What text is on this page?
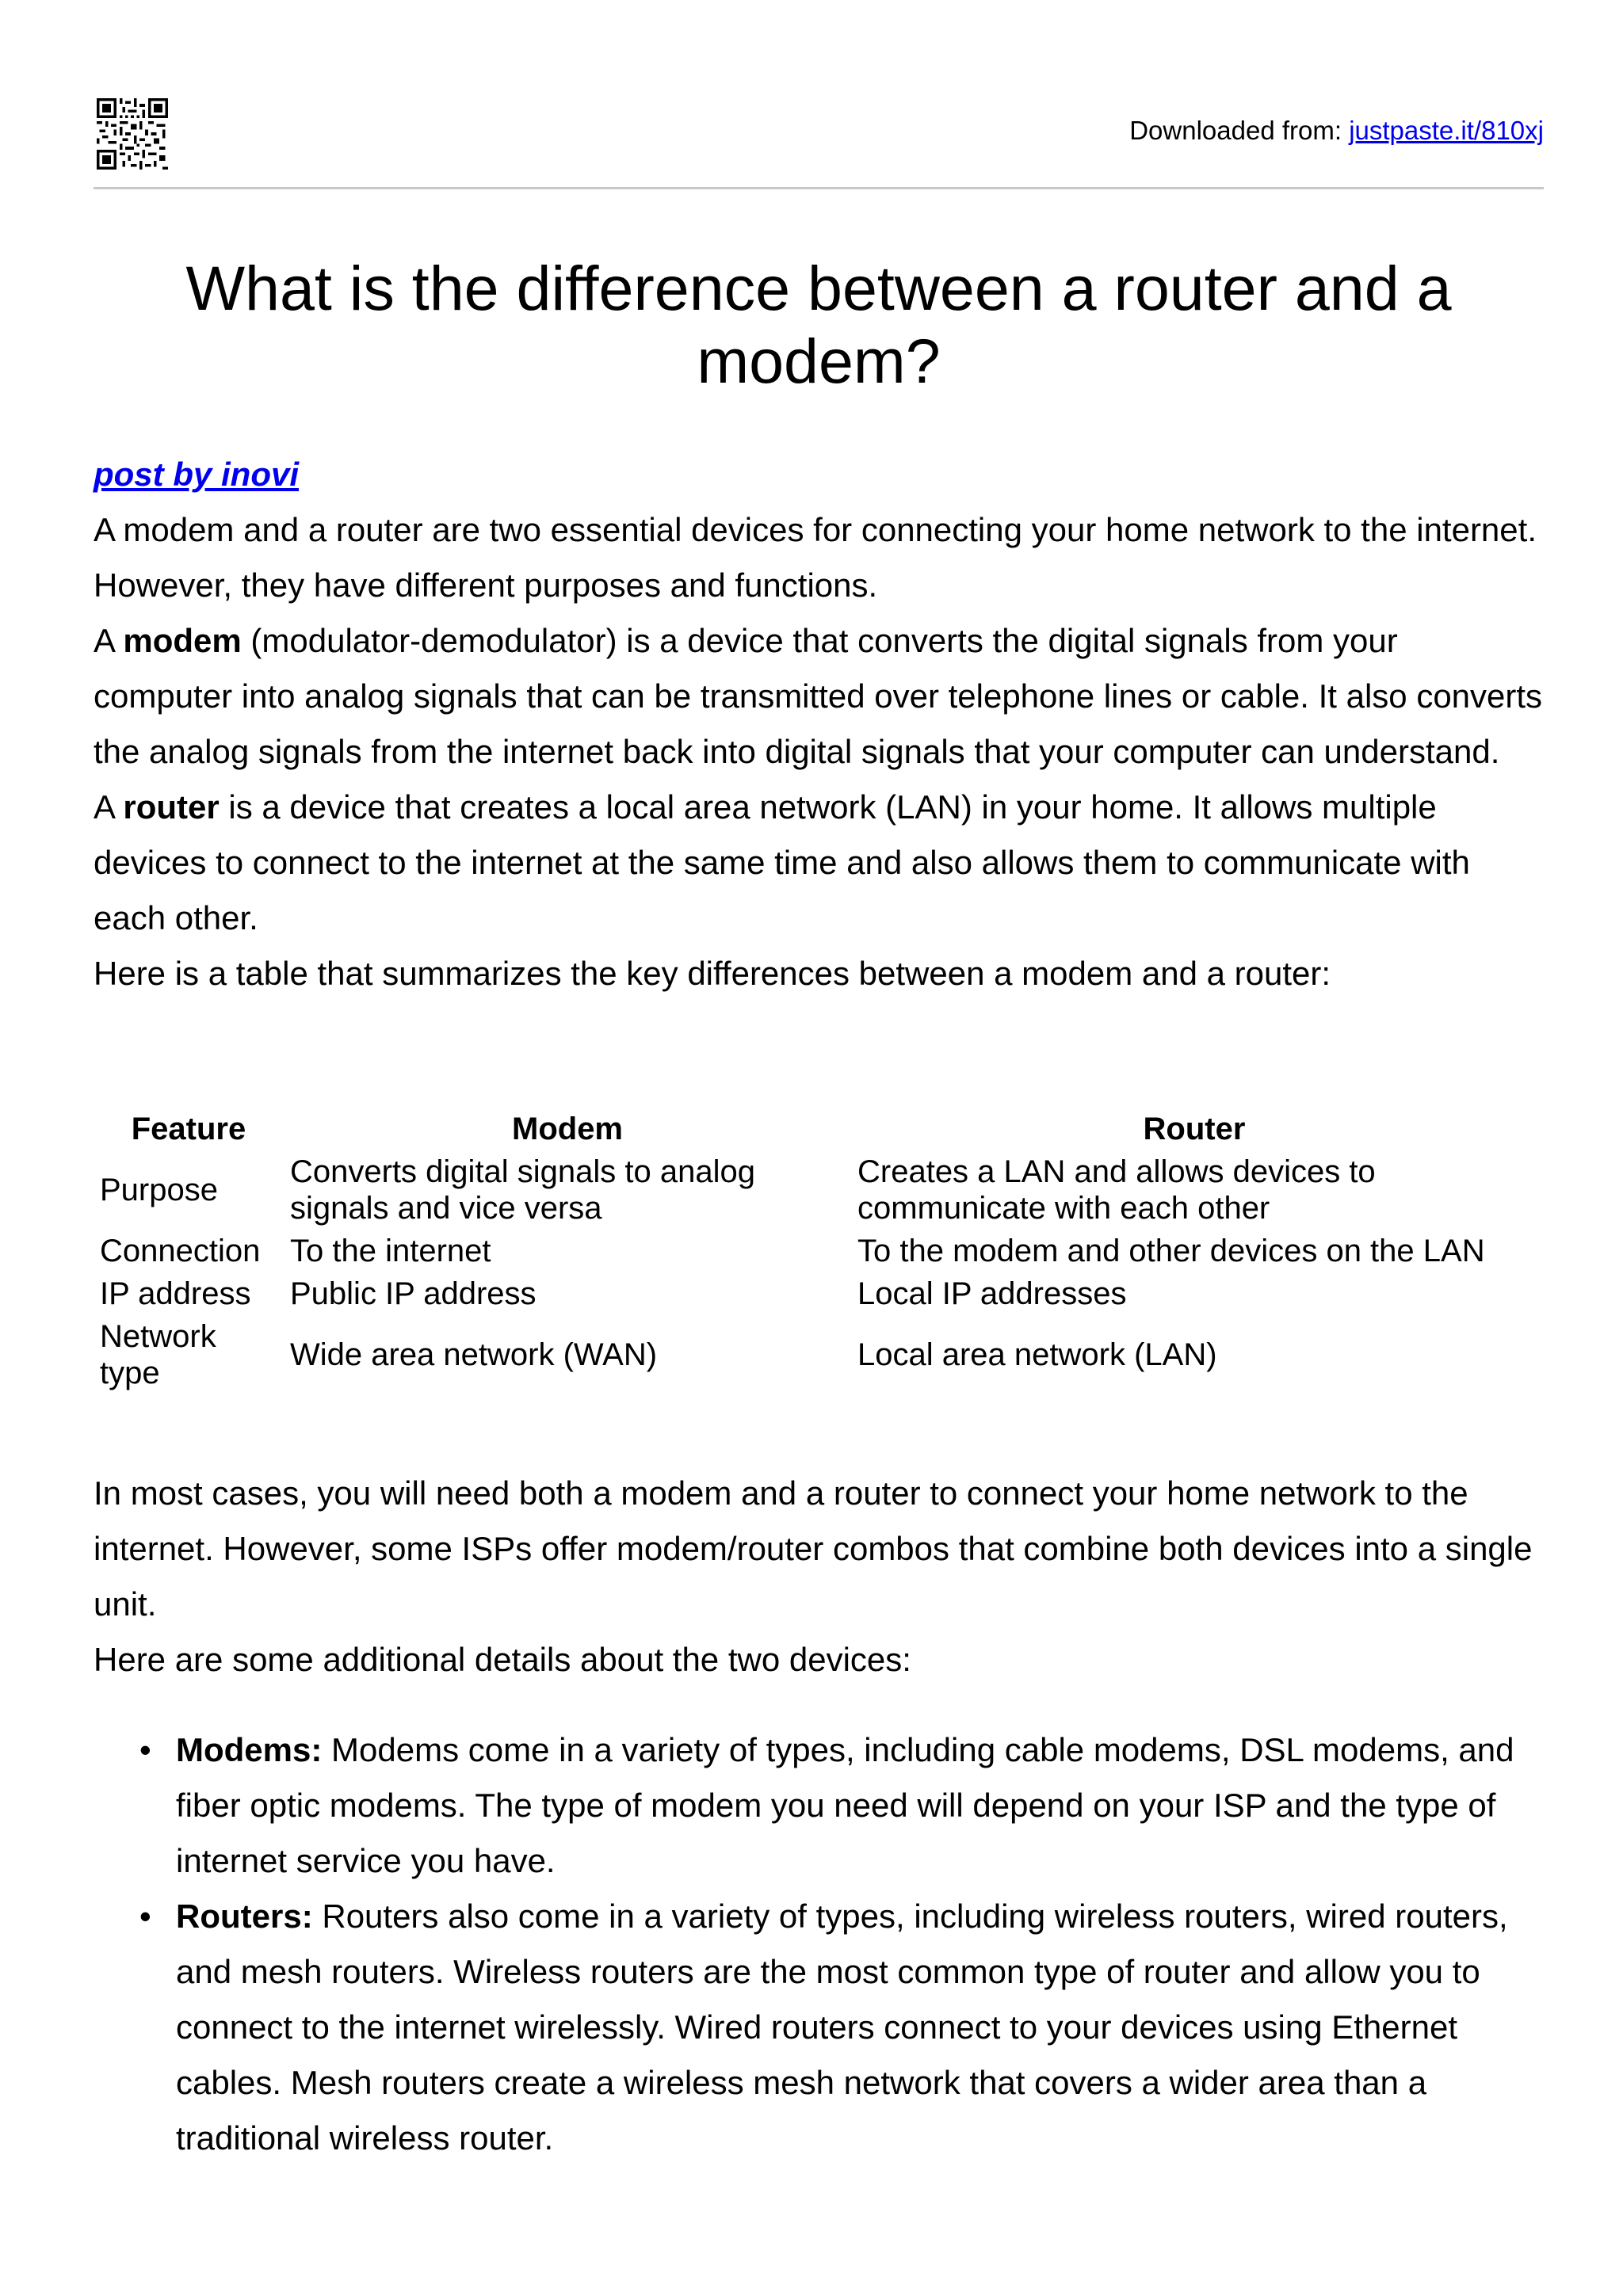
Downloaded from: justpaste.it/810xj
What is the difference between a router and a modem?
post by inovi

A modem and a router are two essential devices for connecting your home network to the internet. However, they have different purposes and functions.

A modem (modulator-demodulator) is a device that converts the digital signals from your computer into analog signals that can be transmitted over telephone lines or cable. It also converts the analog signals from the internet back into digital signals that your computer can understand.

A router is a device that creates a local area network (LAN) in your home. It allows multiple devices to connect to the internet at the same time and also allows them to communicate with each other.

Here is a table that summarizes the key differences between a modem and a router:

Feature	Modem	Router
Purpose	Converts digital signals to analog signals and vice versa	Creates a LAN and allows devices to communicate with each other
Connection	To the internet	To the modem and other devices on the LAN
IP address	Public IP address	Local IP addresses
Network type	Wide area network (WAN)	Local area network (LAN)

In most cases, you will need both a modem and a router to connect your home network to the internet. However, some ISPs offer modem/router combos that combine both devices into a single unit.

Here are some additional details about the two devices:

• Modems: Modems come in a variety of types, including cable modems, DSL modems, and fiber optic modems. The type of modem you need will depend on your ISP and the type of internet service you have.
• Routers: Routers also come in a variety of types, including wireless routers, wired routers, and mesh routers. Wireless routers are the most common type of router and allow you to connect to the internet wirelessly. Wired routers connect to your devices using Ethernet cables. Mesh routers create a wireless mesh network that covers a wider area than a traditional wireless router.
